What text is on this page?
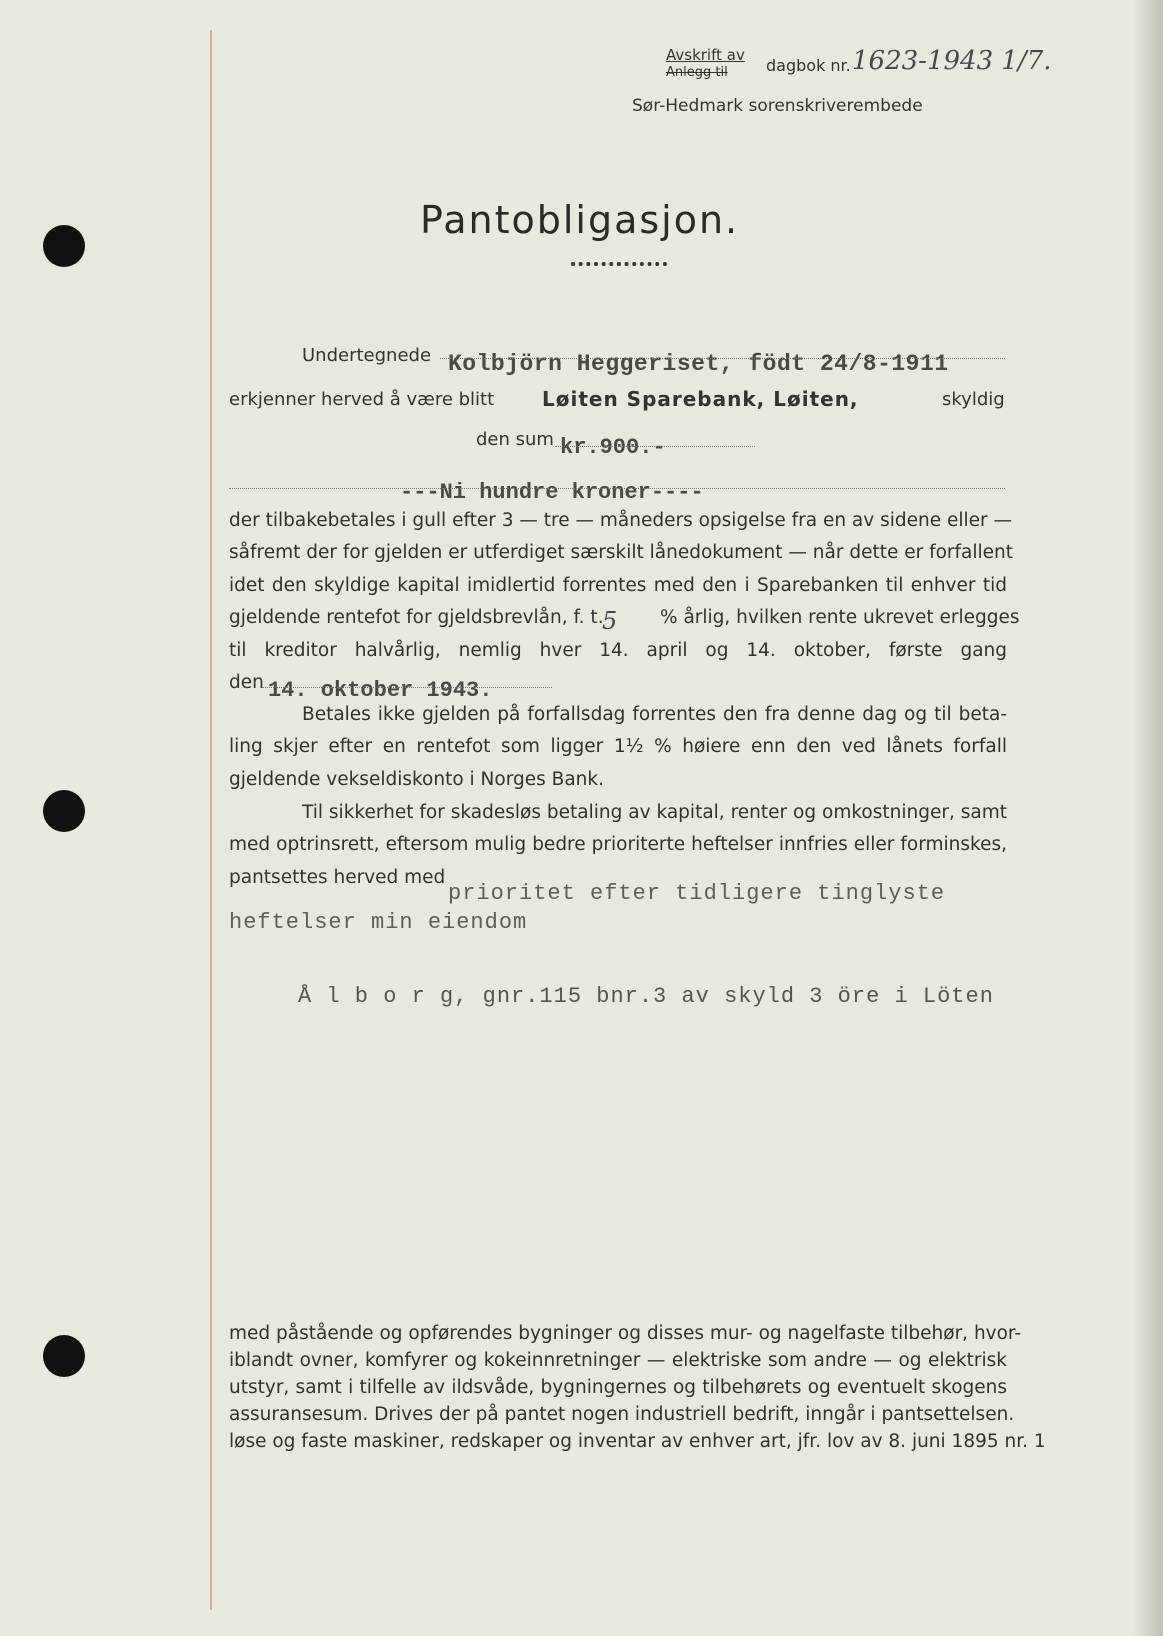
Avskrift av
Anlegg til dagbok nr. 1623-1943 1/7.
Sør-Hedmark sorenskriverembede
Pantobligasjon.
Undertegnede Kolbjörn Heggeriset, födt 24/8-1911
erkjenner herved å være blitt Løiten Sparebank, Løiten,	skyldig
den sum kr.900.-
---Ni hundre kroner----
der tilbakebetales i gull efter 3 — tre — måneders opsigelse fra en av sidene eller —
såfremt der for gjelden er utferdiget særskilt lånedokument — når dette er forfallent
idet den skyldige kapital imidlertid forrentes med den i Sparebanken til enhver tid
gjeldende rentefot for gjeldsbrevlån, f. t.
5 % årlig, hvilken rente ukrevet erlegges
til kreditor halvårlig, nemlig hver 14. april og 14. oktober, første gang
den 14. oktober 1943.
Betales ikke gjelden på forfallsdag forrentes den fra denne dag og til beta-
ling skjer efter en rentefot som ligger 1½ % høiere enn den ved lånets forfall
gjeldende vekseldiskonto i Norges Bank.
Til sikkerhet for skadesløs betaling av kapital, renter og omkostninger, samt
med optrinsrett, eftersom mulig bedre prioriterte heftelser innfries eller forminskes,
pantsettes herved med
prioritet efter tidligere tinglyste
heftelser min eiendom
Å l b o r g, gnr.115 bnr.3 av skyld 3 öre i Löten
med påstående og opførendes bygninger og disses mur- og nagelfaste tilbehør, hvor-
iblandt ovner, komfyrer og kokeinnretninger — elektriske som andre — og elektrisk
utstyr, samt i tilfelle av ildsvåde, bygningernes og tilbehørets og eventuelt skogens
assuransesum. Drives der på pantet nogen industriell bedrift, inngår i pantsettelsen.
løse og faste maskiner, redskaper og inventar av enhver art, jfr. lov av 8. juni 1895 nr. 1
